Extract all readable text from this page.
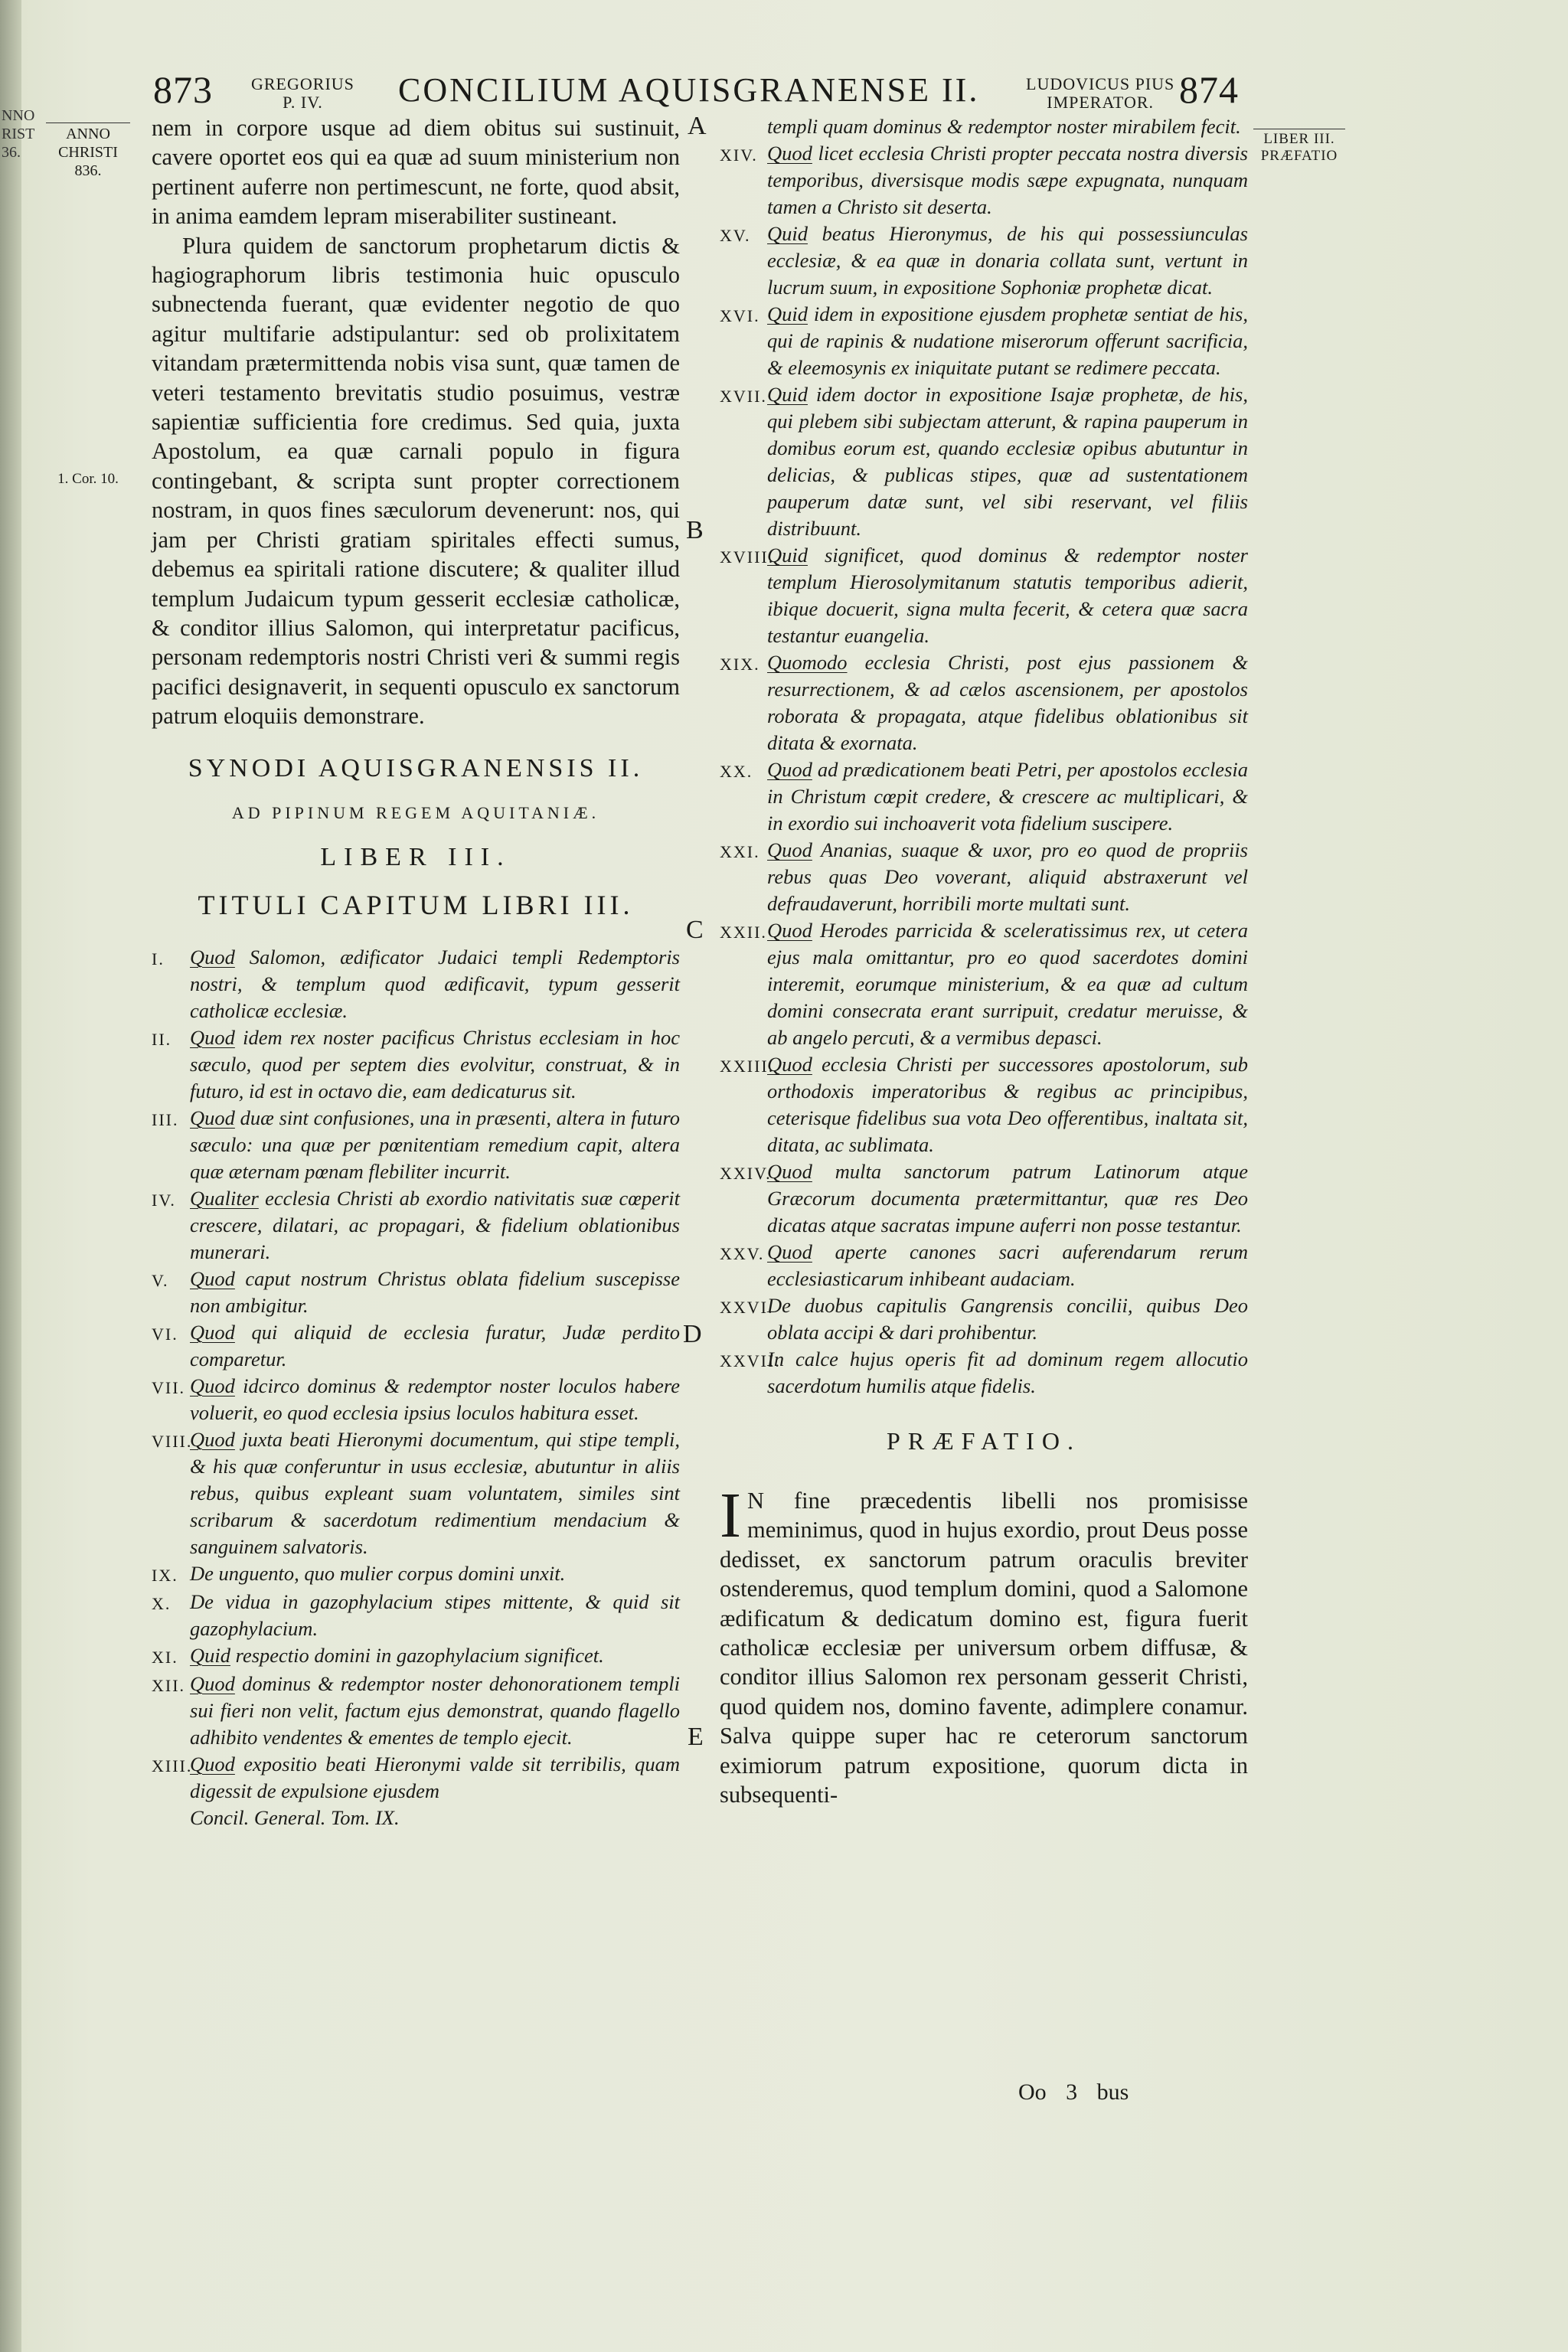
NNO
RIST
36.
873 GREGORIUS
P. IV.	CONCILIUM AQUISGRANENSE II.	LUDOVICUS PIUS
IMPERATOR. 874
ANNO
CHRISTI
836.
1. Cor. 10.
LIBER III.
PRÆFATIO
A
B
C
D
E

nem in corpore usque ad diem obitus sui sustinuit, cavere oportet eos qui ea quæ ad suum ministerium non pertinent auferre non pertimescunt, ne forte, quod absit, in anima eamdem lepram miserabiliter sustineant.

Plura quidem de sanctorum prophetarum dictis & hagiographorum libris testimonia huic opusculo subnectenda fuerant, quæ evidenter negotio de quo agitur multifarie adstipulantur: sed ob prolixitatem vitandam prætermittenda nobis visa sunt, quæ tamen de veteri testamento brevitatis studio posuimus, vestræ sapientiæ sufficientia fore credimus. Sed quia, juxta Apostolum, ea quæ carnali populo in figura contingebant, & scripta sunt propter correctionem nostram, in quos fines sæculorum devenerunt: nos, qui jam per Christi gratiam spiritales effecti sumus, debemus ea spiritali ratione discutere; & qualiter illud templum Judaicum typum gesserit ecclesiæ catholicæ, & conditor illius Salomon, qui interpretatur pacificus, personam redemptoris nostri Christi veri & summi regis pacifici designaverit, in sequenti opusculo ex sanctorum patrum eloquiis demonstrare.

SYNODI AQUISGRANENSIS II.
AD PIPINUM REGEM AQUITANIÆ.
LIBER III.
TITULI CAPITUM LIBRI III.
I.	Quod Salomon, ædificator Judaici templi Redemptoris nostri, & templum quod ædificavit, typum gesserit catholicæ ecclesiæ.
II. Quod idem rex noster pacificus Christus ecclesiam in hoc sæculo, quod per septem dies evolvitur, construat, & in futuro, id est in octavo die, eam dedicaturus sit.
III. Quod duæ sint confusiones, una in præsenti, altera in futuro sæculo: una quæ per pœnitentiam remedium capit, altera quæ æternam pœnam flebiliter incurrit.
IV. Qualiter ecclesia Christi ab exordio nativitatis suæ cœperit crescere, dilatari, ac propagari, & fidelium oblationibus munerari.
V.	Quod caput nostrum Christus oblata fidelium suscepisse non ambigitur.
VI. Quod qui aliquid de ecclesia furatur, Judæ perdito comparetur.
VII. Quod idcirco dominus & redemptor noster loculos habere voluerit, eo quod ecclesia ipsius loculos habitura esset.
VIII.
Quod juxta beati Hieronymi documentum, qui stipe templi, & his quæ conferuntur in usus ecclesiæ, abutuntur in aliis rebus, quibus expleant suam voluntatem, similes sint scribarum & sacerdotum redimentium mendacium & sanguinem salvatoris.
IX. De unguento, quo mulier corpus domini unxit.
X. De vidua in gazophylacium stipes mittente, & quid sit gazophylacium.
XI. Quid respectio domini in gazophylacium significet.
XII. Quod dominus & redemptor noster dehonorationem templi sui fieri non velit, factum ejus demonstrat, quando flagello adhibito vendentes & ementes de templo ejecit.
XIII.
Quod expositio beati Hieronymi valde sit terribilis, quam digessit de expulsione ejusdem
Concil. General. Tom. IX.
templi quam dominus & redemptor noster mirabilem fecit.
XIV. Quod licet ecclesia Christi propter peccata nostra diversis temporibus, diversisque modis sæpe expugnata, nunquam tamen a Christo sit deserta.
XV. Quid beatus Hieronymus, de his qui possessiunculas ecclesiæ, & ea quæ in donaria collata sunt, vertunt in lucrum suum, in expositione Sophoniæ prophetæ dicat.
XVI. Quid idem in expositione ejusdem prophetæ sentiat de his, qui de rapinis & nudatione miserorum offerunt sacrificia, & eleemosynis ex iniquitate putant se redimere peccata.
XVII. Quid idem doctor in expositione Isajæ prophetæ, de his, qui plebem sibi subjectam atterunt, & rapina pauperum in domibus eorum est, quando ecclesiæ opibus abutuntur in delicias, & publicas stipes, quæ ad sustentationem pauperum datæ sunt, vel sibi reservant, vel filiis distribuunt.
XVIII.
Quid significet, quod dominus & redemptor noster templum Hierosolymitanum statutis temporibus adierit, ibique docuerit, signa multa fecerit, & cetera quæ sacra testantur euangelia.
XIX. Quomodo ecclesia Christi, post ejus passionem & resurrectionem, & ad cælos ascensionem, per apostolos roborata & propagata, atque fidelibus oblationibus sit ditata & exornata.
XX. Quod ad prædicationem beati Petri, per apostolos ecclesia in Christum cœpit credere, & crescere ac multiplicari, & in exordio sui inchoaverit vota fidelium suscipere.
XXI. Quod Ananias, suaque & uxor, pro eo quod de propriis rebus quas Deo voverant, aliquid abstraxerunt vel defraudaverunt, horribili morte multati sunt.
XXII. Quod Herodes parricida & sceleratissimus rex, ut cetera ejus mala omittantur, pro eo quod sacerdotes domini interemit, eorumque ministerium, & ea quæ ad cultum domini consecrata erant surripuit, credatur meruisse, & ab angelo percuti, & a vermibus depasci.
XXIII.
Quod ecclesia Christi per successores apostolorum, sub orthodoxis imperatoribus & regibus ac principibus, ceterisque fidelibus sua vota Deo offerentibus, inaltata sit, ditata, ac sublimata.
XXIV.
Quod multa sanctorum patrum Latinorum atque Græcorum documenta prætermittantur, quæ res Deo dicatas atque sacratas impune auferri non posse testantur.
XXV. Quod aperte canones sacri auferendarum rerum ecclesiasticarum inhibeant audaciam.
XXVI.
De duobus capitulis Gangrensis concilii, quibus Deo oblata accipi & dari prohibentur.
XXVII.
In calce hujus operis fit ad dominum regem allocutio sacerdotum humilis atque fidelis.
PRÆFATIO.

I N fine præcedentis libelli nos promisisse meminimus, quod in hujus exordio, prout Deus posse dedisset, ex sanctorum patrum oraculis breviter ostenderemus, quod templum domini, quod a Salomone ædificatum & dedicatum domino est, figura fuerit catholicæ ecclesiæ per universum orbem diffusæ, & conditor illius Salomon rex personam gesserit Christi, quod quidem nos, domino favente, adimplere conamur. Salva quippe super hac re ceterorum sanctorum eximiorum patrum expositione, quorum dicta in subsequenti-

Oo 3 bus
